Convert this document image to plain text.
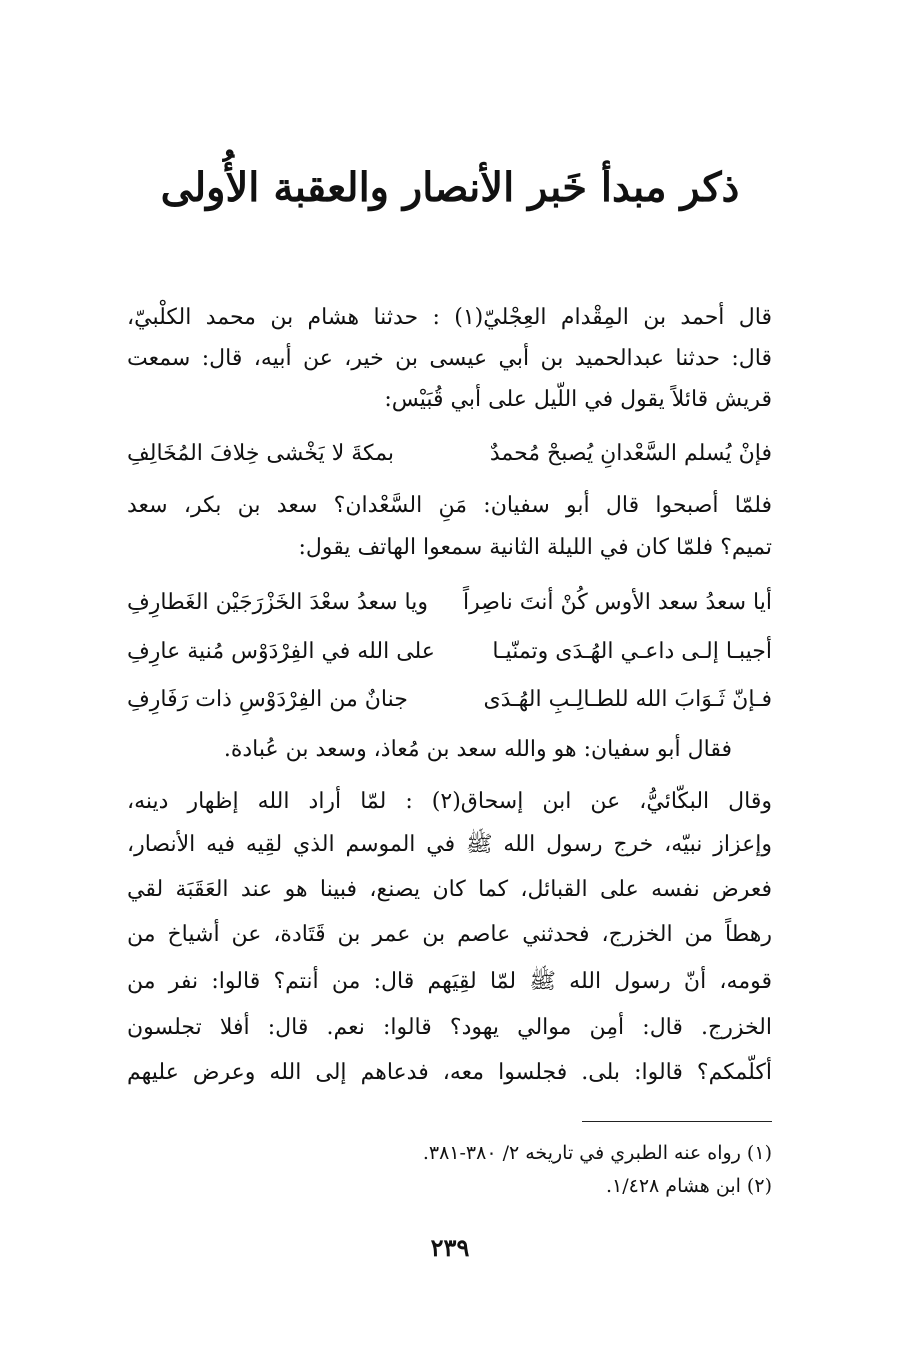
ذكر مبدأ خَبر الأنصار والعقبة الأُولى
قال أحمد بن المِقْدام العِجْليّ(١) : حدثنا هشام بن محمد الكلْبيّ،
قال: حدثنا عبدالحميد بن أبي عيسى بن خير، عن أبيه، قال: سمعت
قريش قائلاً يقول في اللّيل على أبي قُبَيْس:
فإنْ يُسلم السَّعْدانِ يُصبحْ مُحمدٌ
بمكةَ لا يَخْشى خِلافَ المُخَالِفِ
فلمّا أصبحوا قال أبو سفيان: مَنِ السَّعْدان؟ سعد بن بكر، سعد
تميم؟ فلمّا كان في الليلة الثانية سمعوا الهاتف يقول:
أيا سعدُ سعد الأوس كُنْ أنتَ ناصِراً
ويا سعدُ سعْدَ الخَزْرَجَيْن الغَطارِفِ
أجيبـا إلـى داعـي الهُـدَى وتمنّيـا
على الله في الفِرْدَوْس مُنية عارِفِ
فـإنّ ثَـوَابَ الله للطـالِـبِ الهُـدَى
جنانٌ من الفِرْدَوْسِ ذات رَفَارِفِ
فقال أبو سفيان: هو والله سعد بن مُعاذ، وسعد بن عُبادة.
وقال البكّائيُّ، عن ابن إسحاق(٢) : لمّا أراد الله إظهار دينه،
وإعزاز نبيّه، خرج رسول الله ﷺ في الموسم الذي لقِيه فيه الأنصار،
فعرض نفسه على القبائل، كما كان يصنع، فبينا هو عند العَقَبَة لقي
رهطاً من الخزرج، فحدثني عاصم بن عمر بن قَتَادة، عن أشياخ من
قومه، أنّ رسول الله ﷺ لمّا لقِيَهم قال: من أنتم؟ قالوا: نفر من
الخزرج. قال: أمِن موالي يهود؟ قالوا: نعم. قال: أفلا تجلسون
أكلّمكم؟ قالوا: بلى. فجلسوا معه، فدعاهم إلى الله وعرض عليهم
(١) رواه عنه الطبري في تاريخه ٢/ ٣٨٠-٣٨١.
(٢) ابن هشام ١/٤٢٨.
٢٣٩
